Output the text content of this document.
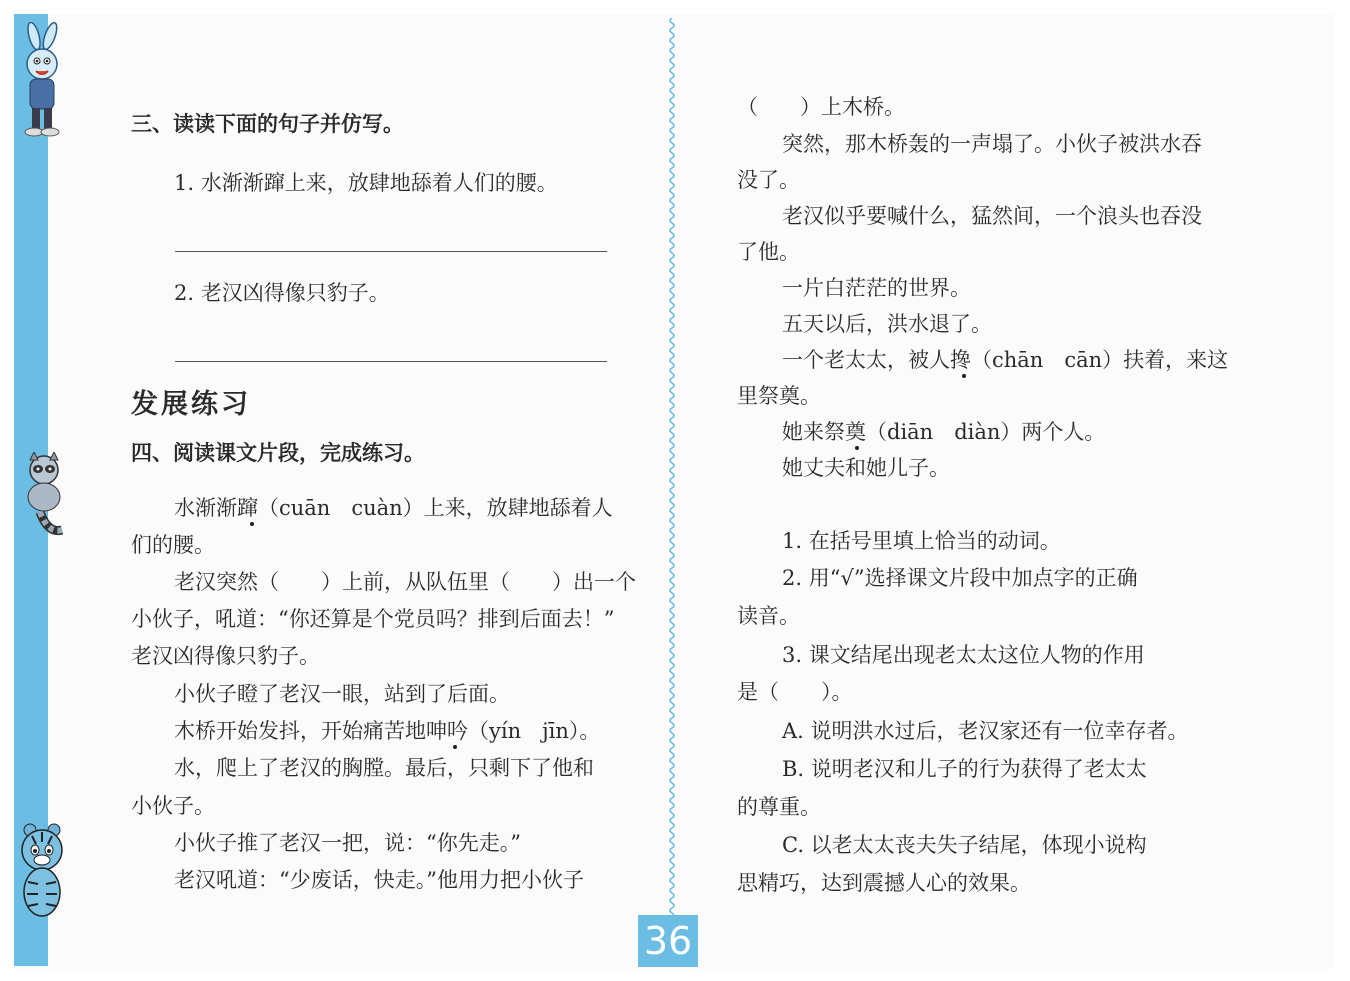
三、读读下面的句子并仿写。
1. 水渐渐蹿上来，放肆地舔着人们的腰。
2. 老汉凶得像只豹子。
发展练习
四、阅读课文片段，完成练习。
水渐渐蹿（cuān　cuàn）上来，放肆地舔着人
们的腰。
老汉突然（　　）上前，从队伍里（　　）出一个
小伙子，吼道：“你还算是个党员吗？排到后面去！”
老汉凶得像只豹子。
小伙子瞪了老汉一眼，站到了后面。
木桥开始发抖，开始痛苦地呻吟（yín　jīn）。
水，爬上了老汉的胸膛。最后，只剩下了他和
小伙子。
小伙子推了老汉一把，说：“你先走。”
老汉吼道：“少废话，快走。”他用力把小伙子
（　　）上木桥。
突然，那木桥轰的一声塌了。小伙子被洪水吞
没了。
老汉似乎要喊什么，猛然间，一个浪头也吞没
了他。
一片白茫茫的世界。
五天以后，洪水退了。
一个老太太，被人搀（chān　cān）扶着，来这
里祭奠。
她来祭奠（diān　diàn）两个人。
她丈夫和她儿子。
1. 在括号里填上恰当的动词。
2. 用“√”选择课文片段中加点字的正确
读音。
3. 课文结尾出现老太太这位人物的作用
是（　　）。
A. 说明洪水过后，老汉家还有一位幸存者。
B. 说明老汉和儿子的行为获得了老太太
的尊重。
C. 以老太太丧夫失子结尾，体现小说构
思精巧，达到震撼人心的效果。
36
